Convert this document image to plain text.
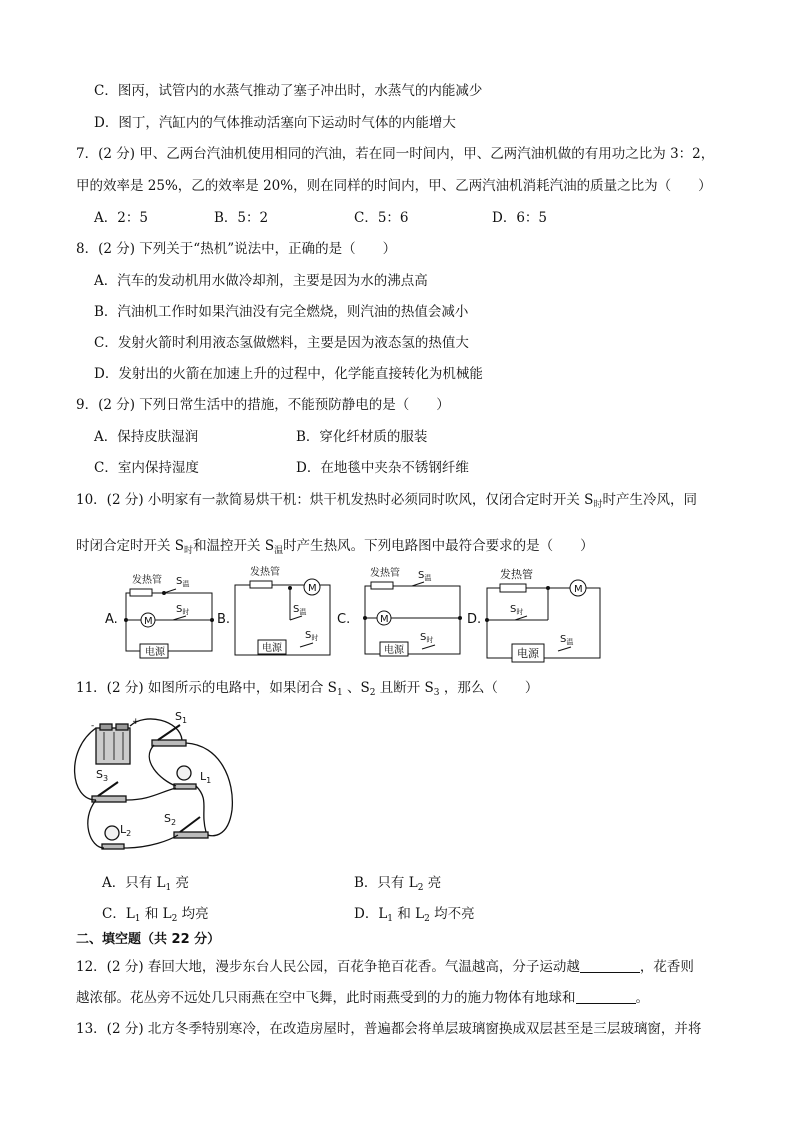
C．图丙，试管内的水蒸气推动了塞子冲出时，水蒸气的内能减少
D．图丁，汽缸内的气体推动活塞向下运动时气体的内能增大
7．(2 分) 甲、乙两台汽油机使用相同的汽油，若在同一时间内，甲、乙两汽油机做的有用功之比为 3：2，
甲的效率是 25%，乙的效率是 20%，则在同样的时间内，甲、乙两汽油机消耗汽油的质量之比为（　　）
A．2：5	B．5：2	C．5：6	D．6：5
8．(2 分) 下列关于“热机”说法中，正确的是（　　）
A．汽车的发动机用水做冷却剂，主要是因为水的沸点高
B．汽油机工作时如果汽油没有完全燃烧，则汽油的热值会减小
C．发射火箭时利用液态氢做燃料，主要是因为液态氢的热值大
D．发射出的火箭在加速上升的过程中，化学能直接转化为机械能
9．(2 分) 下列日常生活中的措施，不能预防静电的是（　　）
A．保持皮肤湿润	B．穿化纤材质的服装
C．室内保持湿度	D．在地毯中夹杂不锈钢纤维
10．(2 分) 小明家有一款简易烘干机：烘干机发热时必须同时吹风，仅闭合定时开关 $S_时$时产生冷风，同
时闭合定时开关 $S_时$和温控开关 $S_温$时产生热风。下列电路图中最符合要求的是（　　）
A.
发热管 $S_温$
M
$S_时$
电源
B.
发热管
M
$S_温$
电源
$S_时$
C.
发热管 $S_温$
M
电源
$S_时$
D.
发热管
M
$S_时$
电源
$S_温$
11．(2 分) 如图所示的电路中，如果闭合 $S_1$ 、$S_2$ 且断开 $S_3$ ，那么（　　）
-	+	$S_1$
$S_3$	$L_1$
$S_2$
$L_2$
A．只有 $L_1$ 亮	B．只有 $L_2$ 亮
C．$L_1$ 和 $L_2$ 均亮	D．$L_1$ 和 $L_2$ 均不亮
二、填空题（共 22 分）
12．(2 分) 春回大地，漫步东台人民公园，百花争艳百花香。气温越高，分子运动越	，花香则
越浓郁。花丛旁不远处几只雨燕在空中飞舞，此时雨燕受到的力的施力物体有地球和	。
13．(2 分) 北方冬季特别寒冷，在改造房屋时，普遍都会将单层玻璃窗换成双层甚至是三层玻璃窗，并将
